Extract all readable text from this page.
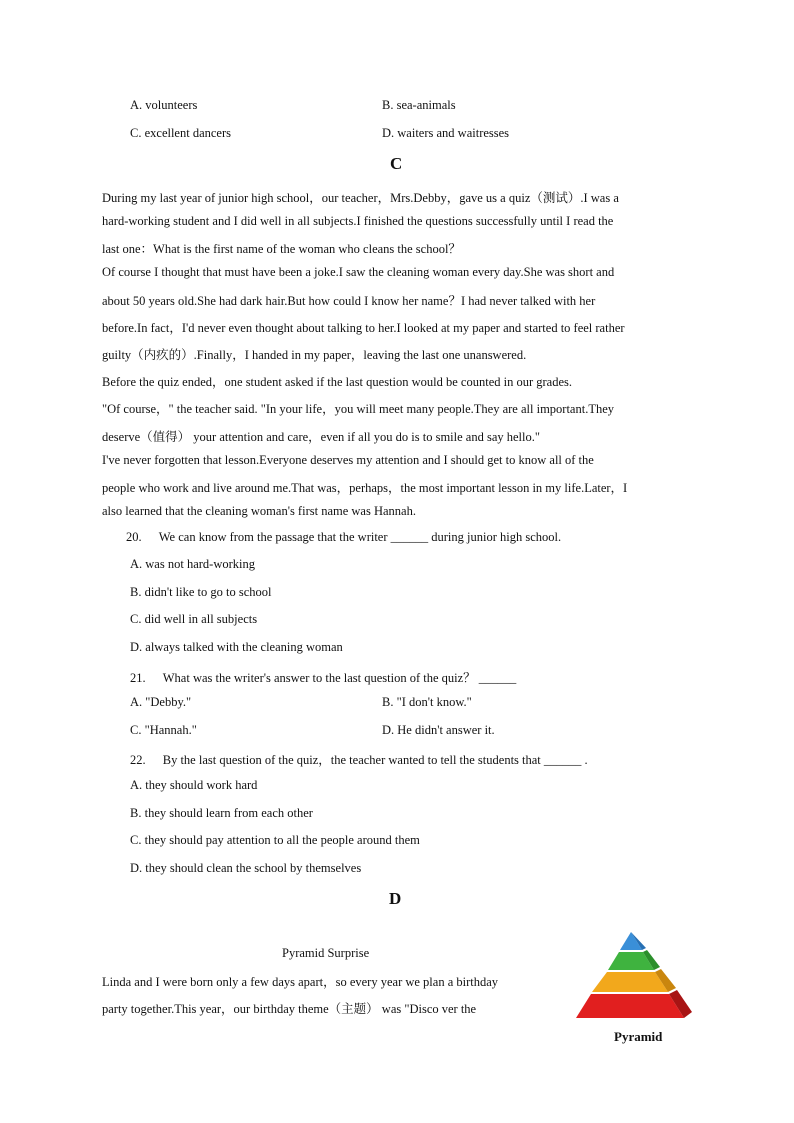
A. volunteers	B. sea-animals
C. excellent dancers	D. waiters and waitresses
C
During my last year of junior high school，our teacher，Mrs.Debby，gave us a quiz（测试）.I was a
hard-working student and I did well in all subjects.I finished the questions successfully until I read the
last one：What is the first name of the woman who cleans the school？
Of course I thought that must have been a joke.I saw the cleaning woman every day.She was short and
about 50 years old.She had dark hair.But how could I know her name？I had never talked with her
before.In fact，I'd never even thought about talking to her.I looked at my paper and started to feel rather
guilty（内疚的）.Finally，I handed in my paper，leaving the last one unanswered.
Before the quiz ended，one student asked if the last question would be counted in our grades.
"Of course，" the teacher said. "In your life，you will meet many people.They are all important.They
deserve（值得） your attention and care，even if all you do is to smile and say hello."
I've never forgotten that lesson.Everyone deserves my attention and I should get to know all of the
people who work and live around me.That was，perhaps，the most important lesson in my life.Later，I
also learned that the cleaning woman's first name was Hannah.
20. We can know from the passage that the writer ______ during junior high school.
A. was not hard-working
B. didn't like to go to school
C. did well in all subjects
D. always talked with the cleaning woman
21. What was the writer's answer to the last question of the quiz？ ______
A. "Debby."	B. "I don't know."
C. "Hannah."	D. He didn't answer it.
22. By the last question of the quiz，the teacher wanted to tell the students that ______ .
A. they should work hard
B. they should learn from each other
C. they should pay attention to all the people around them
D. they should clean the school by themselves
D
Pyramid Surprise
Linda and I were born only a few days apart，so every year we plan a birthday
party together.This year，our birthday theme（主题） was "Disco ver the
Pyramid
